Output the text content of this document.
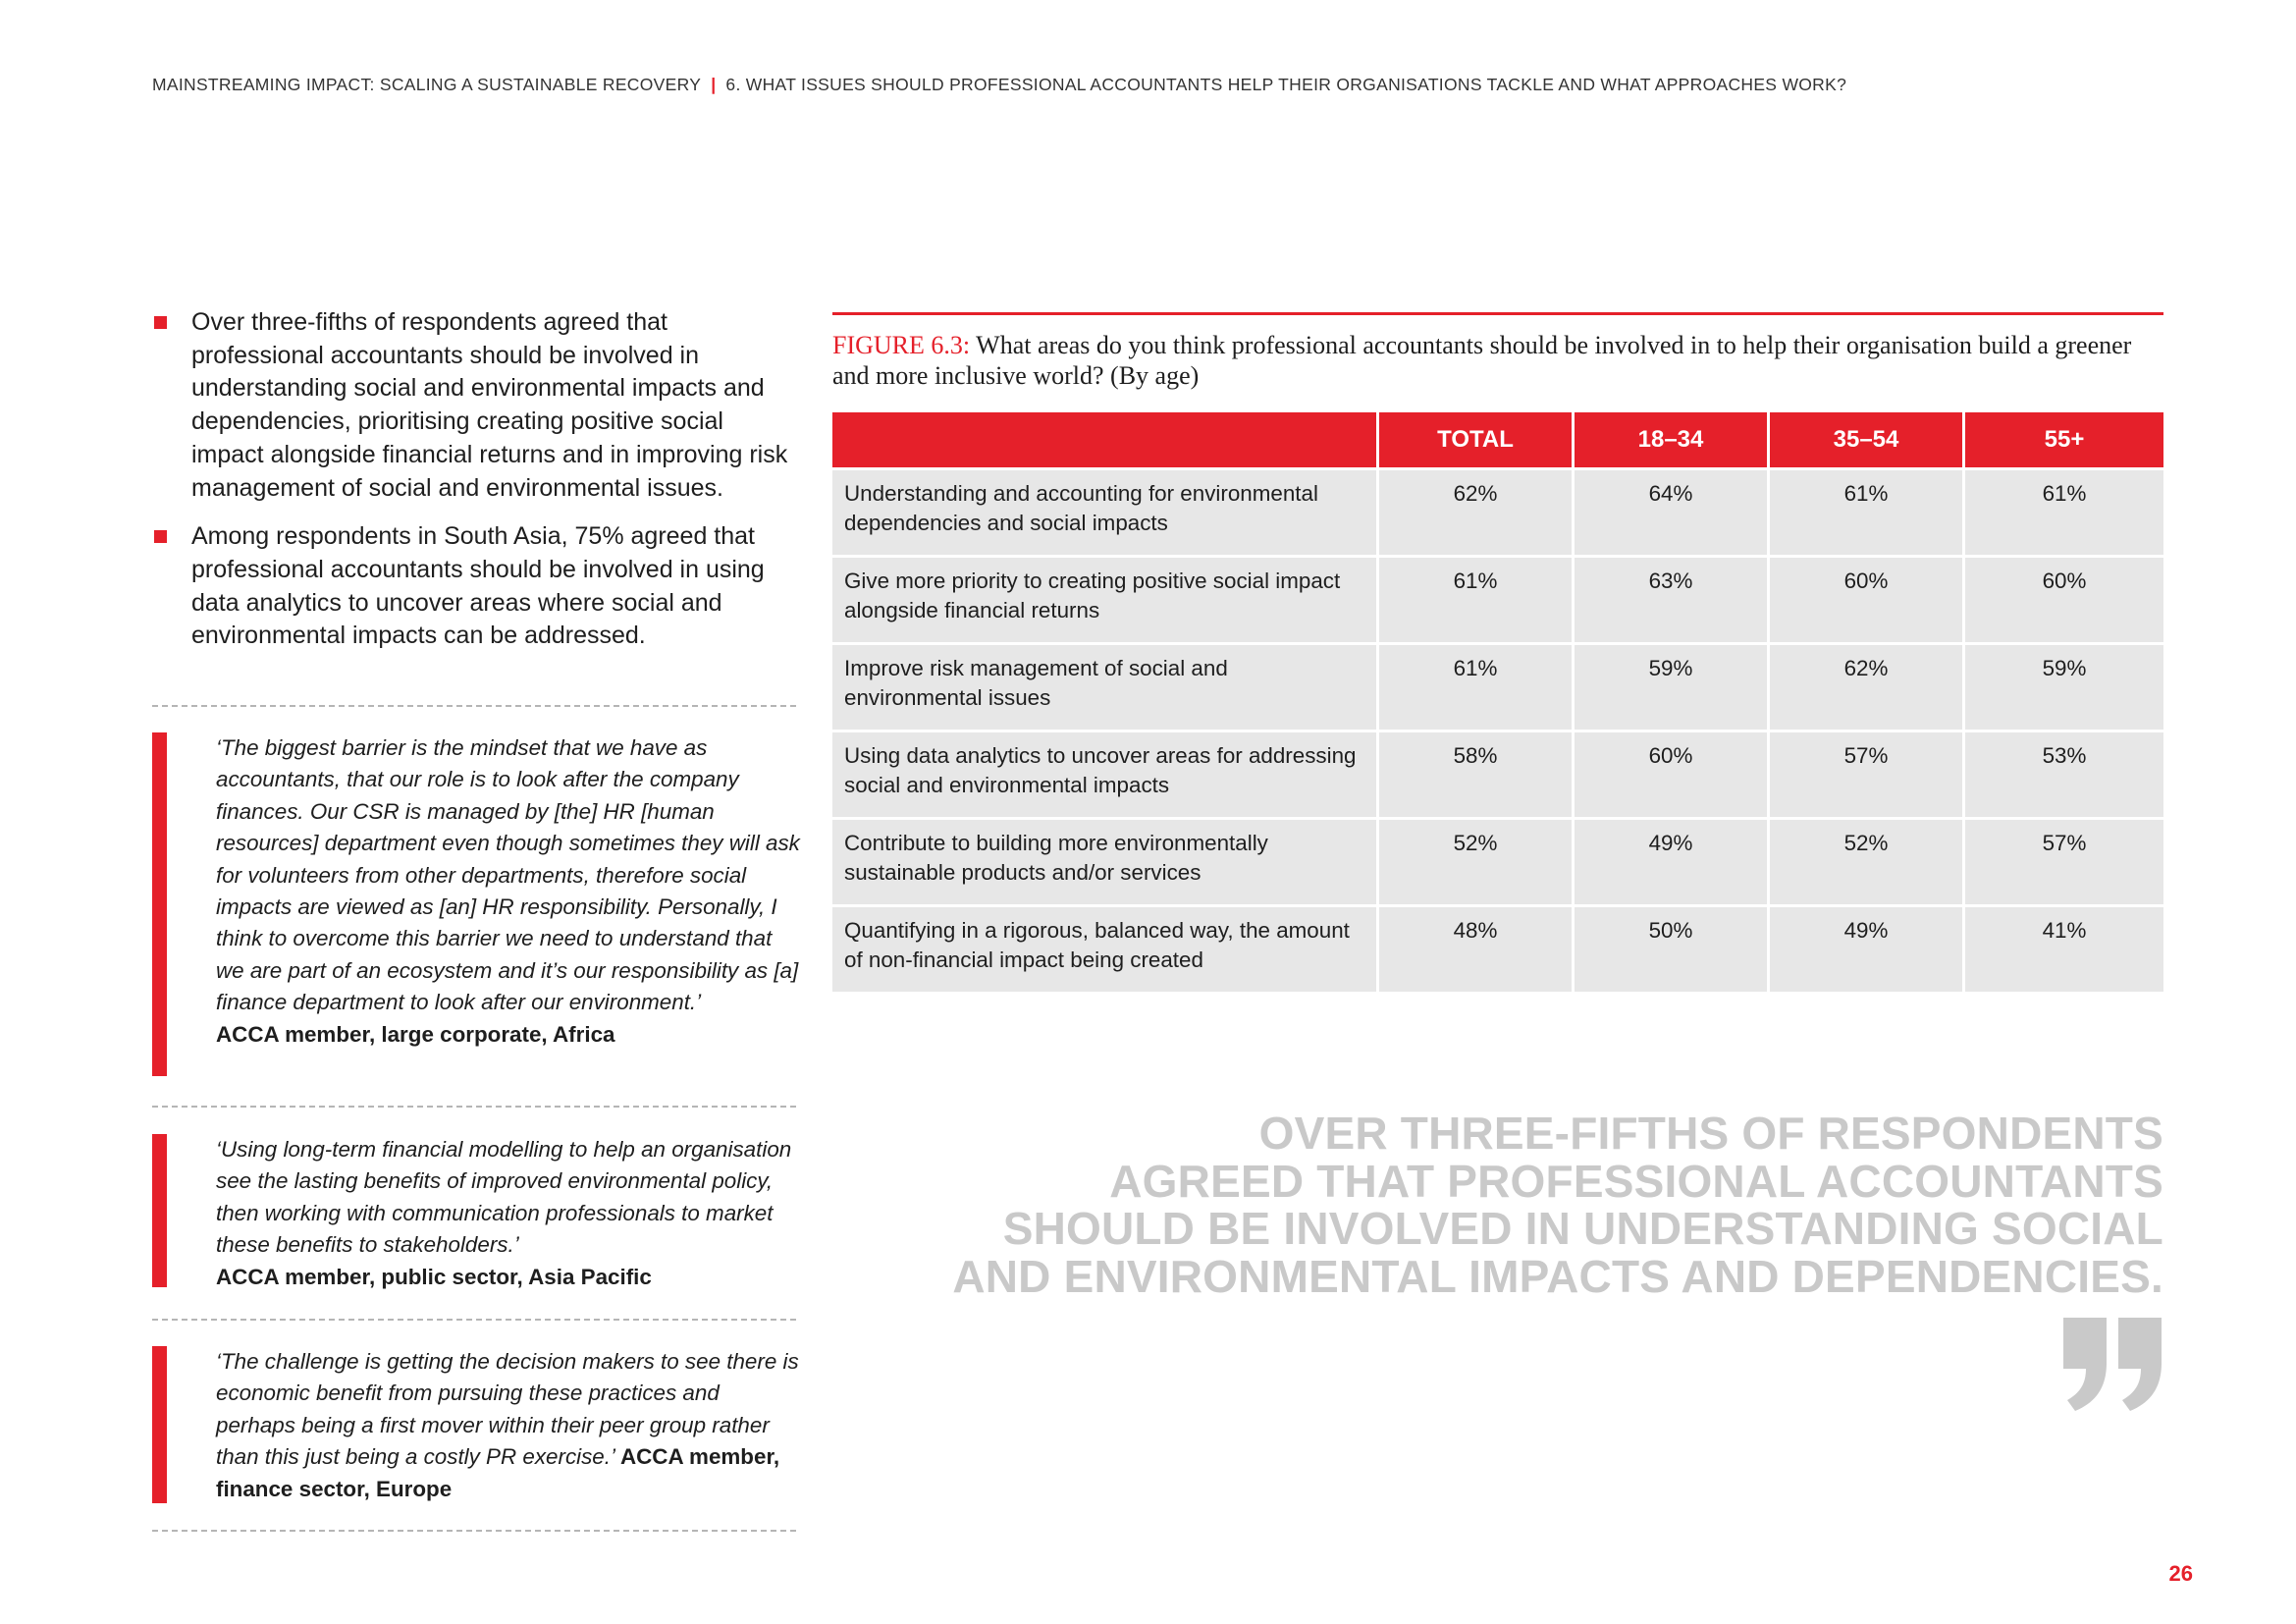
MAINSTREAMING IMPACT: SCALING A SUSTAINABLE RECOVERY | 6. WHAT ISSUES SHOULD PROFESSIONAL ACCOUNTANTS HELP THEIR ORGANISATIONS TACKLE AND WHAT APPROACHES WORK?
Over three-fifths of respondents agreed that professional accountants should be involved in understanding social and environmental impacts and dependencies, prioritising creating positive social impact alongside financial returns and in improving risk management of social and environmental issues.
Among respondents in South Asia, 75% agreed that professional accountants should be involved in using data analytics to uncover areas where social and environmental impacts can be addressed.
‘The biggest barrier is the mindset that we have as accountants, that our role is to look after the company finances. Our CSR is managed by [the] HR [human resources] department even though sometimes they will ask for volunteers from other departments, therefore social impacts are viewed as [an] HR responsibility. Personally, I think to overcome this barrier we need to understand that we are part of an ecosystem and it’s our responsibility as [a] finance department to look after our environment.’
ACCA member, large corporate, Africa
‘Using long-term financial modelling to help an organisation see the lasting benefits of improved environmental policy, then working with communication professionals to market these benefits to stakeholders.’
ACCA member, public sector, Asia Pacific
‘The challenge is getting the decision makers to see there is economic benefit from pursuing these practices and perhaps being a first mover within their peer group rather than this just being a costly PR exercise.’ ACCA member, finance sector, Europe
FIGURE 6.3: What areas do you think professional accountants should be involved in to help their organisation build a greener and more inclusive world? (By age)
	TOTAL	18–34	35–54	55+
Understanding and accounting for environmental dependencies and social impacts	62%	64%	61%	61%
Give more priority to creating positive social impact alongside financial returns	61%	63%	60%	60%
Improve risk management of social and environmental issues	61%	59%	62%	59%
Using data analytics to uncover areas for addressing social and environmental impacts	58%	60%	57%	53%
Contribute to building more environmentally sustainable products and/or services	52%	49%	52%	57%
Quantifying in a rigorous, balanced way, the amount of non-financial impact being created	48%	50%	49%	41%
OVER THREE-FIFTHS OF RESPONDENTS
AGREED THAT PROFESSIONAL ACCOUNTANTS
SHOULD BE INVOLVED IN UNDERSTANDING SOCIAL
AND ENVIRONMENTAL IMPACTS AND DEPENDENCIES.
26
